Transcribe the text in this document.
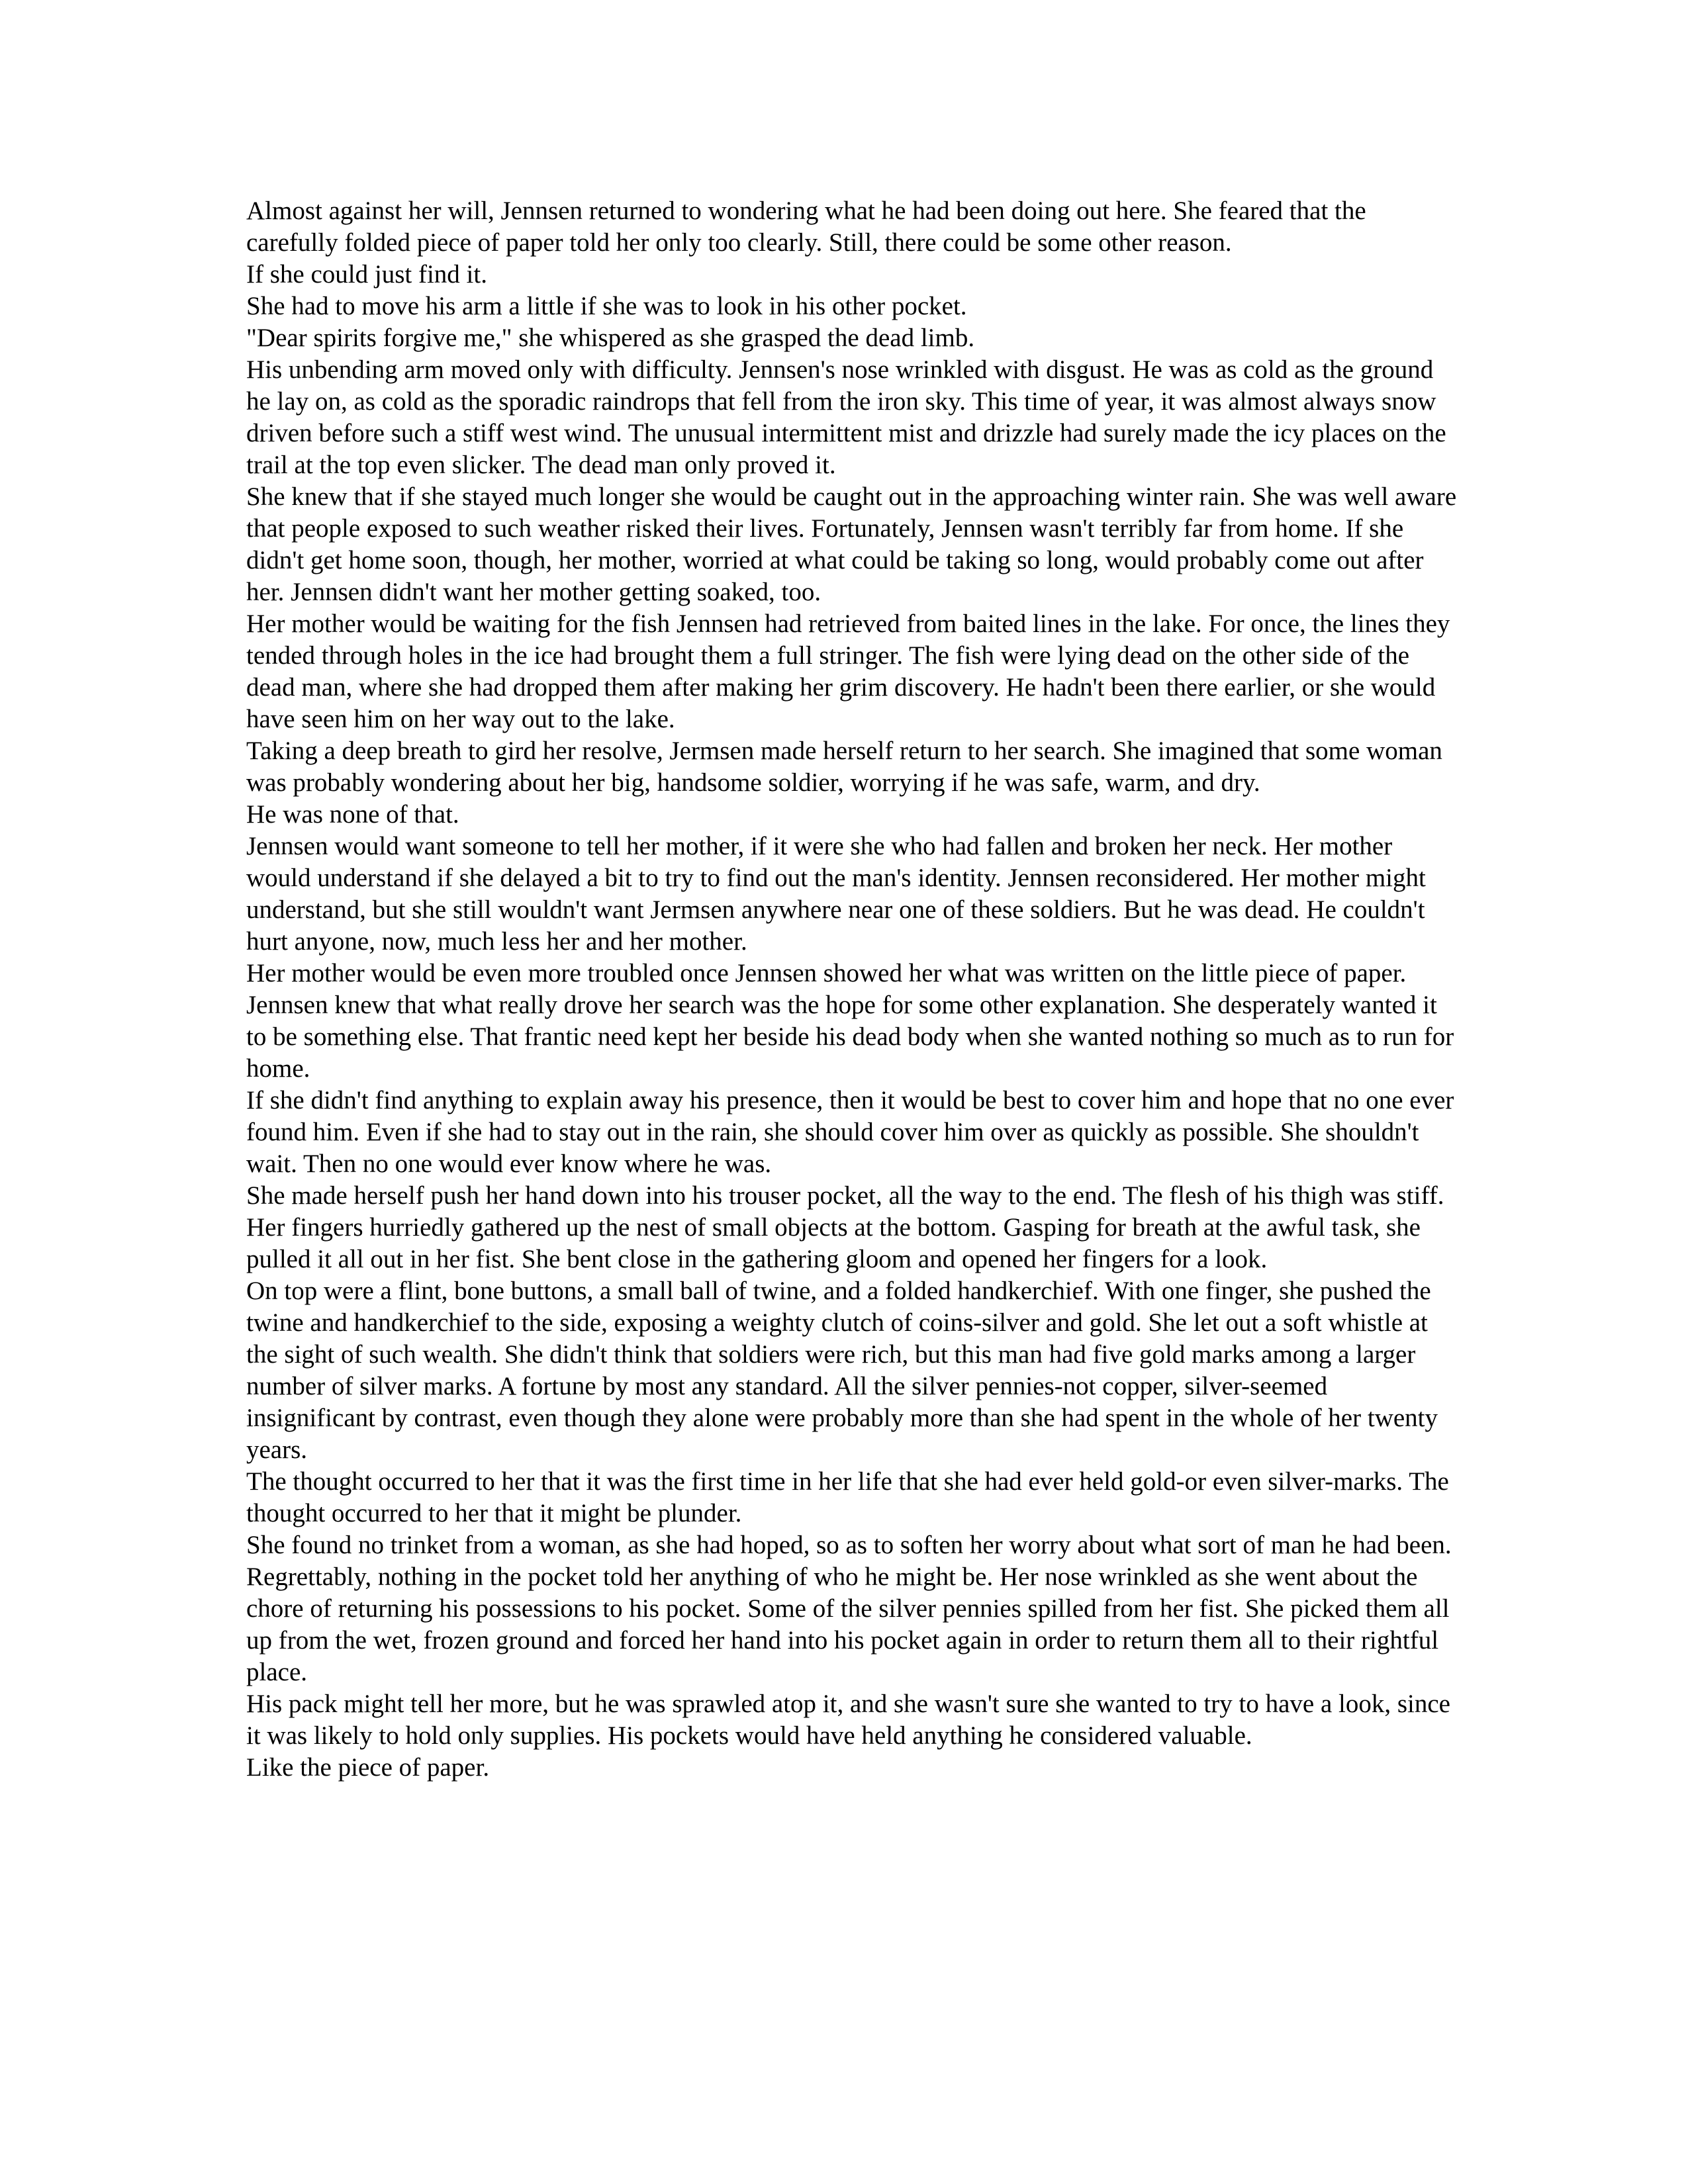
Almost against her will, Jennsen returned to wondering what he had been doing out here. She feared that the carefully folded piece of paper told her only too clearly. Still, there could be some other reason.

If she could just find it.

She had to move his arm a little if she was to look in his other pocket.

"Dear spirits forgive me," she whispered as she grasped the dead limb.

His unbending arm moved only with difficulty. Jennsen's nose wrinkled with disgust. He was as cold as the ground he lay on, as cold as the sporadic raindrops that fell from the iron sky. This time of year, it was almost always snow driven before such a stiff west wind. The unusual intermittent mist and drizzle had surely made the icy places on the trail at the top even slicker. The dead man only proved it.

She knew that if she stayed much longer she would be caught out in the approaching winter rain. She was well aware that people exposed to such weather risked their lives. Fortunately, Jennsen wasn't terribly far from home. If she didn't get home soon, though, her mother, worried at what could be taking so long, would probably come out after her. Jennsen didn't want her mother getting soaked, too.

Her mother would be waiting for the fish Jennsen had retrieved from baited lines in the lake. For once, the lines they tended through holes in the ice had brought them a full stringer. The fish were lying dead on the other side of the dead man, where she had dropped them after making her grim discovery. He hadn't been there earlier, or she would have seen him on her way out to the lake.

Taking a deep breath to gird her resolve, Jermsen made herself return to her search. She imagined that some woman was probably wondering about her big, handsome soldier, worrying if he was safe, warm, and dry.

He was none of that.

Jennsen would want someone to tell her mother, if it were she who had fallen and broken her neck. Her mother would understand if she delayed a bit to try to find out the man's identity. Jennsen reconsidered. Her mother might understand, but she still wouldn't want Jermsen anywhere near one of these soldiers. But he was dead. He couldn't hurt anyone, now, much less her and her mother.

Her mother would be even more troubled once Jennsen showed her what was written on the little piece of paper.

Jennsen knew that what really drove her search was the hope for some other explanation. She desperately wanted it to be something else. That frantic need kept her beside his dead body when she wanted nothing so much as to run for home.

If she didn't find anything to explain away his presence, then it would be best to cover him and hope that no one ever found him. Even if she had to stay out in the rain, she should cover him over as quickly as possible. She shouldn't wait. Then no one would ever know where he was.

She made herself push her hand down into his trouser pocket, all the way to the end. The flesh of his thigh was stiff. Her fingers hurriedly gathered up the nest of small objects at the bottom. Gasping for breath at the awful task, she pulled it all out in her fist. She bent close in the gathering gloom and opened her fingers for a look.

On top were a flint, bone buttons, a small ball of twine, and a folded handkerchief. With one finger, she pushed the twine and handkerchief to the side, exposing a weighty clutch of coins-silver and gold. She let out a soft whistle at the sight of such wealth. She didn't think that soldiers were rich, but this man had five gold marks among a larger number of silver marks. A fortune by most any standard. All the silver pennies-not copper, silver-seemed insignificant by contrast, even though they alone were probably more than she had spent in the whole of her twenty years.

The thought occurred to her that it was the first time in her life that she had ever held gold-or even silver-marks. The thought occurred to her that it might be plunder.

She found no trinket from a woman, as she had hoped, so as to soften her worry about what sort of man he had been.

Regrettably, nothing in the pocket told her anything of who he might be. Her nose wrinkled as she went about the chore of returning his possessions to his pocket. Some of the silver pennies spilled from her fist. She picked them all up from the wet, frozen ground and forced her hand into his pocket again in order to return them all to their rightful place.

His pack might tell her more, but he was sprawled atop it, and she wasn't sure she wanted to try to have a look, since it was likely to hold only supplies. His pockets would have held anything he considered valuable.

Like the piece of paper.
